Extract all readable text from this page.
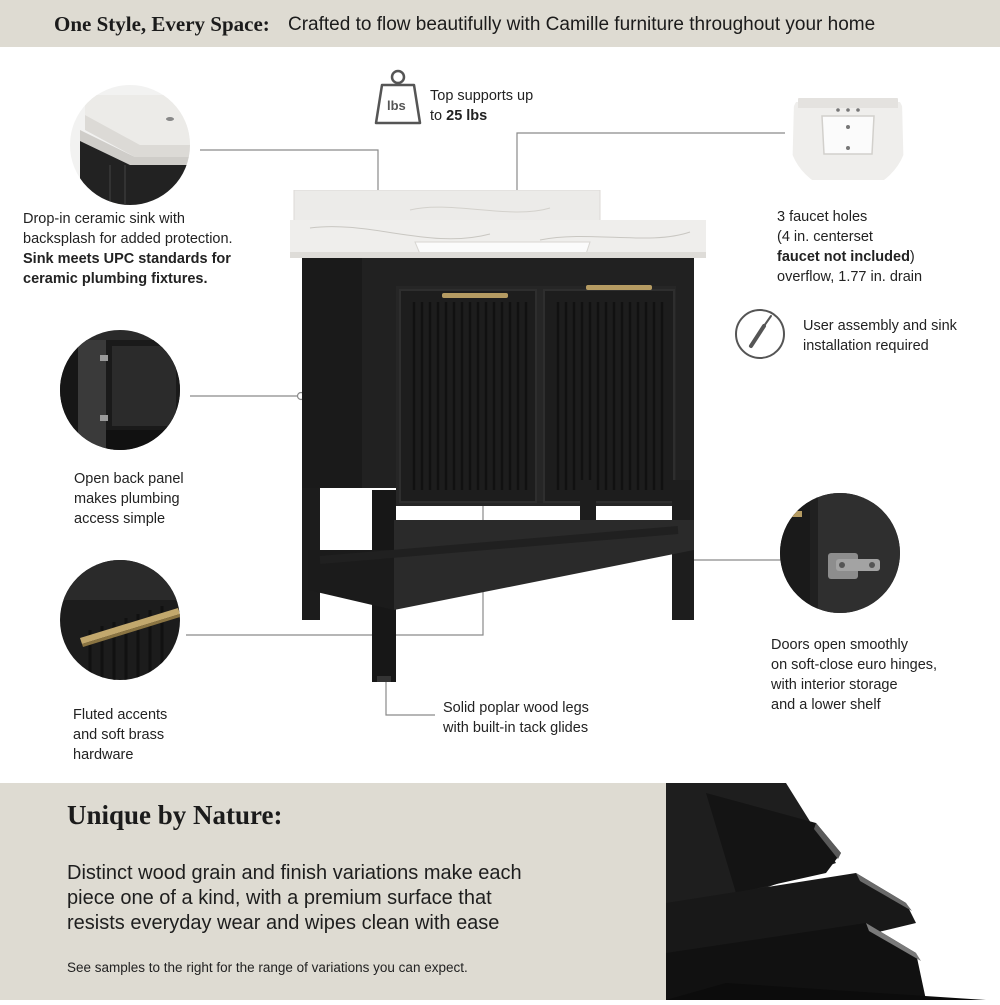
One Style, Every Space: Crafted to flow beautifully with Camille furniture throughout your home
lbs
Top supports up
to 25 lbs
Drop-in ceramic sink with
backsplash for added protection.
Sink meets UPC standards for
ceramic plumbing fixtures.
3 faucet holes
(4 in. centerset
faucet not included)
overflow, 1.77 in. drain
User assembly and sink
installation required
Open back panel
makes plumbing
access simple
Doors open smoothly
on soft-close euro hinges,
with interior storage
and a lower shelf
Fluted accents
and soft brass
hardware
Solid poplar wood legs
with built-in tack glides
Unique by Nature:
Distinct wood grain and finish variations make each
piece one of a kind, with a premium surface that
resists everyday wear and wipes clean with ease
See samples to the right for the range of variations you can expect.
